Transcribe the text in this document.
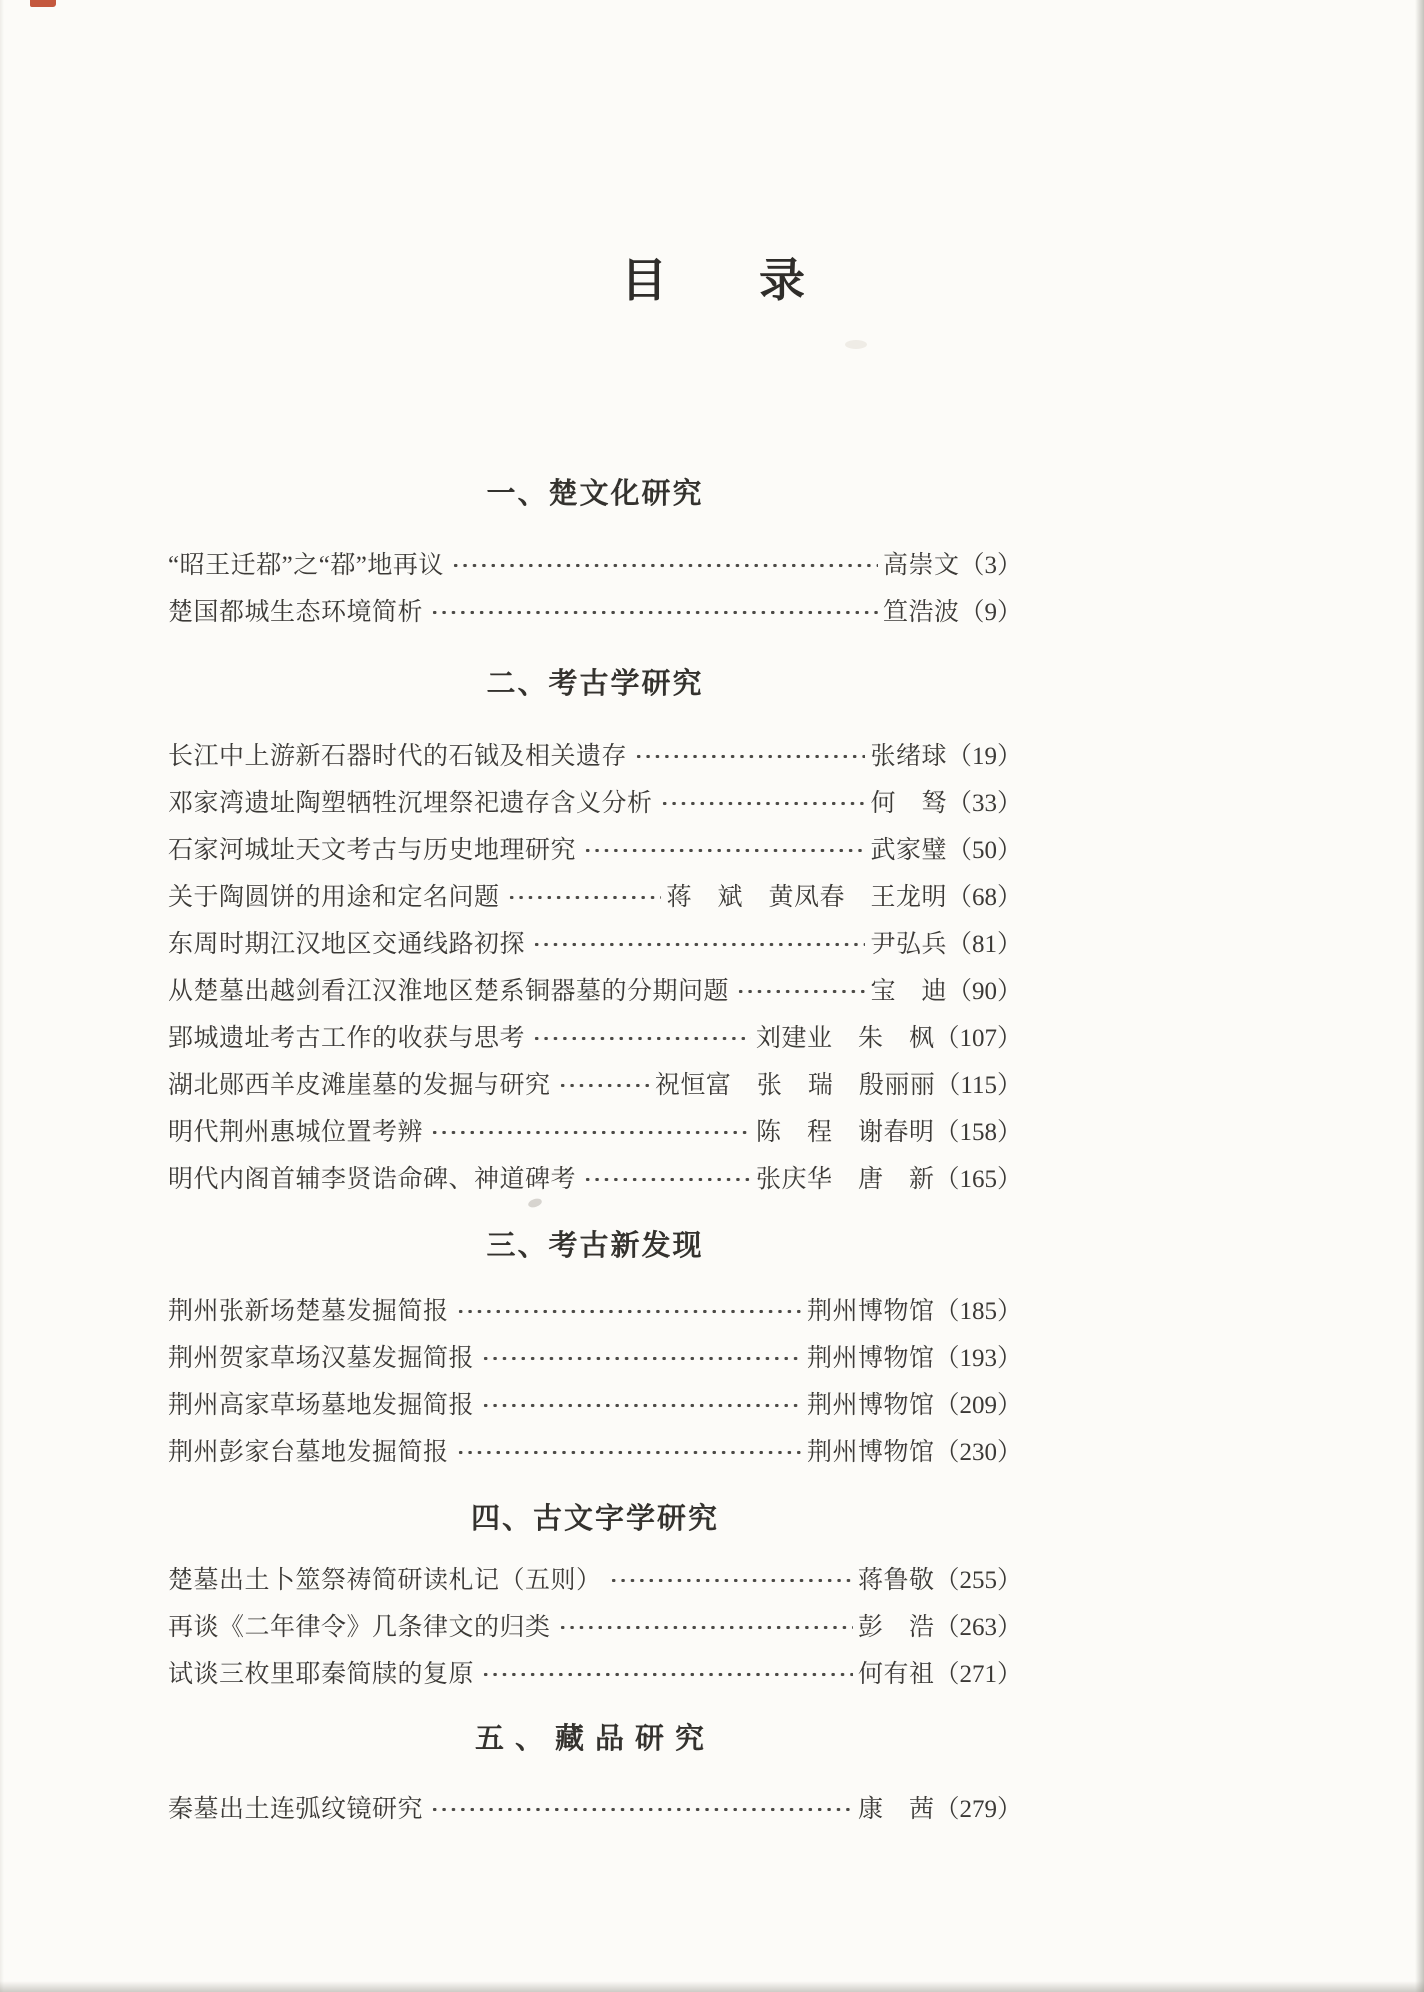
目　　录
一、楚文化研究
“昭王迁鄀”之“鄀”地再议	高崇文 （3）
楚国都城生态环境简析	笪浩波 （9）
二、考古学研究
长江中上游新石器时代的石钺及相关遗存	张绪球 （19）
邓家湾遗址陶塑牺牲沉埋祭祀遗存含义分析	何　驽 （33）
石家河城址天文考古与历史地理研究	武家璧 （50）
关于陶圆饼的用途和定名问题	蒋　斌　黄凤春　王龙明 （68）
东周时期江汉地区交通线路初探	尹弘兵 （81）
从楚墓出越剑看江汉淮地区楚系铜器墓的分期问题	宝　迪 （90）
郢城遗址考古工作的收获与思考	刘建业　朱　枫 （107）
湖北郧西羊皮滩崖墓的发掘与研究	祝恒富　张　瑞　殷丽丽 （115）
明代荆州惠城位置考辨	陈　程　谢春明 （158）
明代内阁首辅李贤诰命碑、神道碑考	张庆华　唐　新 （165）
三、考古新发现
荆州张新场楚墓发掘简报	荆州博物馆 （185）
荆州贺家草场汉墓发掘简报	荆州博物馆 （193）
荆州高家草场墓地发掘简报	荆州博物馆 （209）
荆州彭家台墓地发掘简报	荆州博物馆 （230）
四、古文字学研究
楚墓出土卜筮祭祷简研读札记（五则）	蒋鲁敬 （255）
再谈《二年律令》几条律文的归类	彭　浩 （263）
试谈三枚里耶秦简牍的复原	何有祖 （271）
五、藏品研究
秦墓出土连弧纹镜研究	康　茜 （279）
